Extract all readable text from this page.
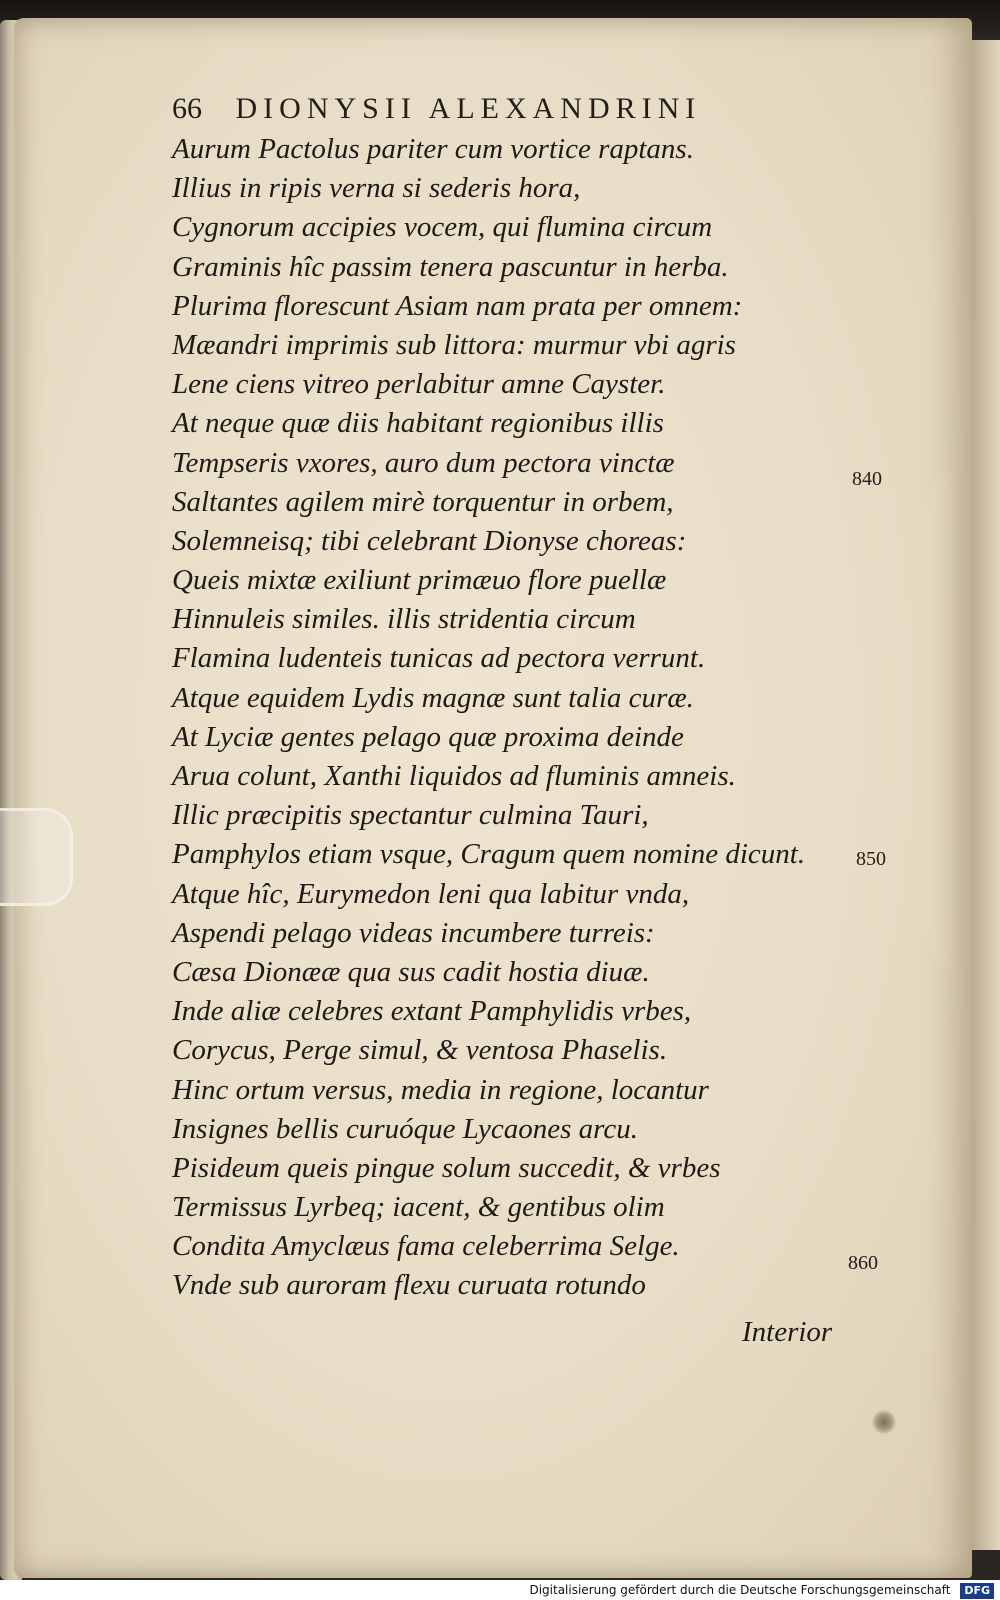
66 DIONYSII ALEXANDRINI
Aurum Pactolus pariter cum vortice raptans.
Illius in ripis verna si sederis hora,
Cygnorum accipies vocem, qui flumina circum
Graminis hîc passim tenera pascuntur in herba.
Plurima florescunt Asiam nam prata per omnem:
Mæandri imprimis sub littora: murmur vbi agris
Lene ciens vitreo perlabitur amne Cayster.
At neque quæ diis habitant regionibus illis
Tempseris vxores, auro dum pectora vinctæ
Saltantes agilem mirè torquentur in orbem,
Solemneisq; tibi celebrant Dionyse choreas:
Queis mixtæ exiliunt primæuo flore puellæ
Hinnuleis similes. illis stridentia circum
Flamina ludenteis tunicas ad pectora verrunt.
Atque equidem Lydis magnæ sunt talia curæ.
At Lyciæ gentes pelago quæ proxima deinde
Arua colunt, Xanthi liquidos ad fluminis amneis.
Illic præcipitis spectantur culmina Tauri,
Pamphylos etiam vsque, Cragum quem nomine dicunt.
Atque hîc, Eurymedon leni qua labitur vnda,
Aspendi pelago videas incumbere turreis:
Cæsa Dionææ qua sus cadit hostia diuæ.
Inde aliæ celebres extant Pamphylidis vrbes,
Corycus, Perge simul, & ventosa Phaselis.
Hinc ortum versus, media in regione, locantur
Insignes bellis curuóque Lycaones arcu.
Pisideum queis pingue solum succedit, & vrbes
Termissus Lyrbeq; iacent, & gentibus olim
Condita Amyclæus fama celeberrima Selge.
Vnde sub auroram flexu curuata rotundo
840
850
860
Interior
Digitalisierung gefördert durch die Deutsche Forschungsgemeinschaft DFG
